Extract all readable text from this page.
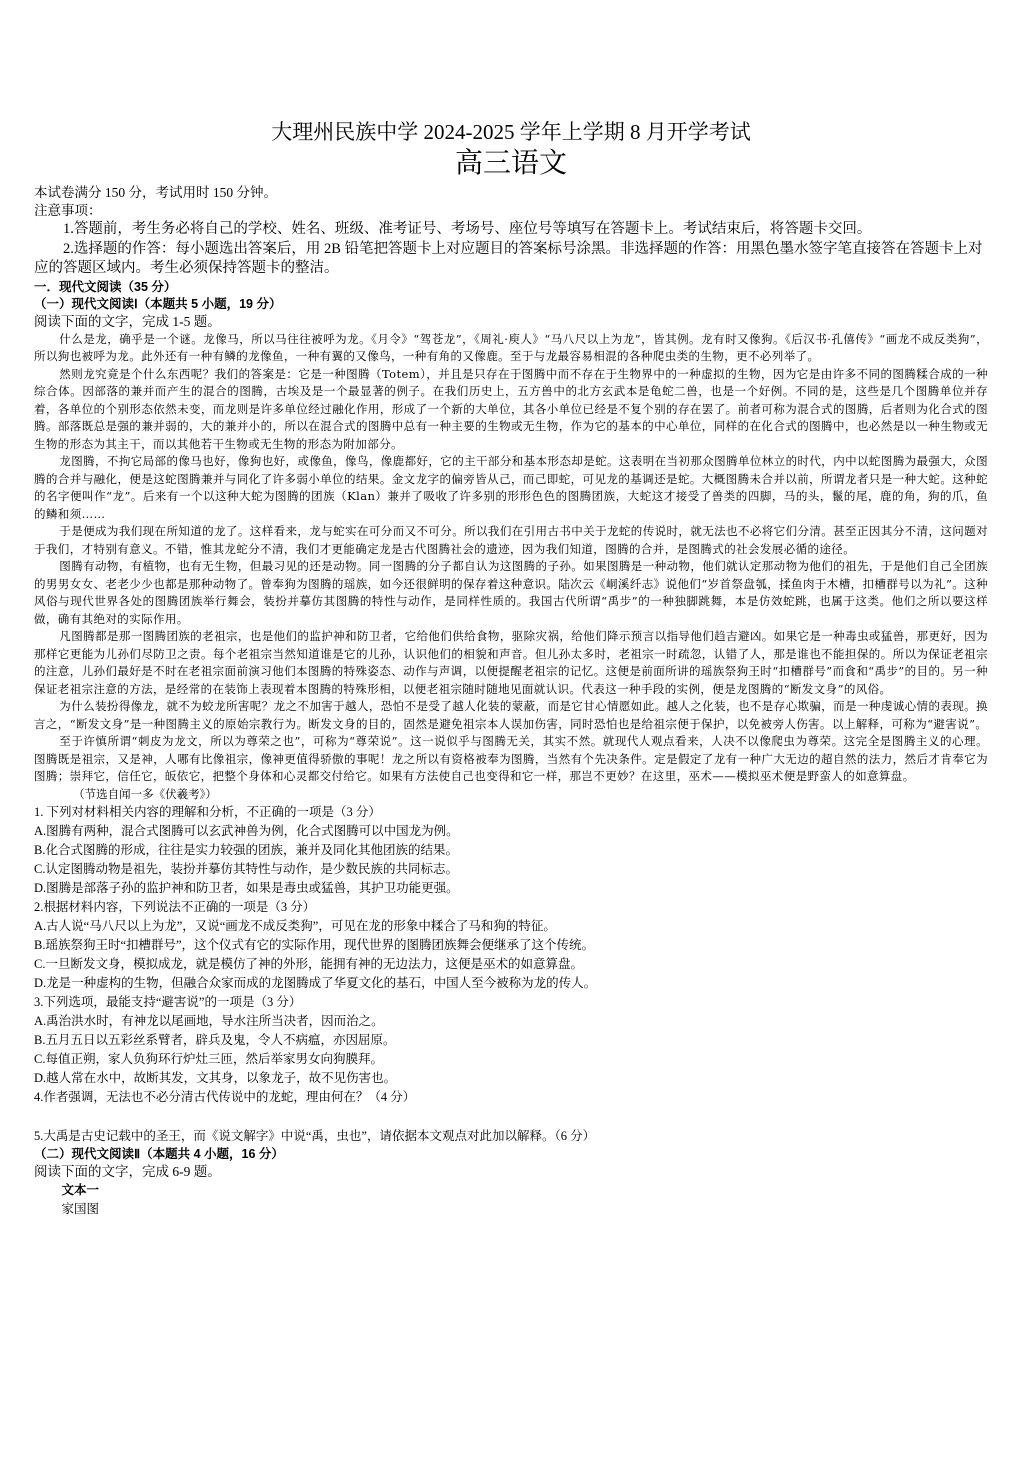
大理州民族中学 2024-2025 学年上学期 8 月开学考试
高三语文
本试卷满分 150 分，考试用时 150 分钟。
注意事项：
1.答题前，考生务必将自己的学校、姓名、班级、准考证号、考场号、座位号等填写在答题卡上。考试结束后，将答题卡交回。
2.选择题的作答：每小题选出答案后，用 2B 铅笔把答题卡上对应题目的答案标号涂黑。非选择题的作答：用黑色墨水签字笔直接答在答题卡上对应的答题区域内。考生必须保持答题卡的整洁。
一．现代文阅读（35 分）
（一）现代文阅读Ⅰ（本题共 5 小题，19 分）
阅读下面的文字，完成 1-5 题。
什么是龙，确乎是一个谜。龙像马，所以马往往被呼为龙。《月令》“驾苍龙”，《周礼·庾人》“马八尺以上为龙”，皆其例。龙有时又像狗。《后汉书·孔僖传》“画龙不成反类狗”，所以狗也被呼为龙。此外还有一种有鳞的龙像鱼，一种有翼的又像鸟，一种有角的又像鹿。至于与龙最容易相混的各种爬虫类的生物，更不必列举了。
然则龙究竟是个什么东西呢？我们的答案是：它是一种图腾（Totem），并且是只存在于图腾中而不存在于生物界中的一种虚拟的生物，因为它是由许多不同的图腾糅合成的一种综合体。因部落的兼并而产生的混合的图腾，古埃及是一个最显著的例子。在我们历史上，五方兽中的北方玄武本是龟蛇二兽，也是一个好例。不同的是，这些是几个图腾单位并存着，各单位的个别形态依然未变，而龙则是许多单位经过融化作用，形成了一个新的大单位，其各小单位已经是不复个别的存在罢了。前者可称为混合式的图腾，后者则为化合式的图腾。部落既总是强的兼并弱的，大的兼并小的，所以在混合式的图腾中总有一种主要的生物或无生物，作为它的基本的中心单位，同样的在化合式的图腾中，也必然是以一种生物或无生物的形态为其主干，而以其他若干生物或无生物的形态为附加部分。
龙图腾，不拘它局部的像马也好，像狗也好，或像鱼，像鸟，像鹿都好，它的主干部分和基本形态却是蛇。这表明在当初那众图腾单位林立的时代，内中以蛇图腾为最强大，众图腾的合并与融化，便是这蛇图腾兼并与同化了许多弱小单位的结果。金文龙字的偏旁皆从己，而己即蛇，可见龙的基调还是蛇。大概图腾未合并以前，所谓龙者只是一种大蛇。这种蛇的名字便叫作“龙”。后来有一个以这种大蛇为图腾的团族（Klan）兼并了吸收了许多别的形形色色的图腾团族，大蛇这才接受了兽类的四脚，马的头，鬣的尾，鹿的角，狗的爪，鱼的鳞和须……
于是便成为我们现在所知道的龙了。这样看来，龙与蛇实在可分而又不可分。所以我们在引用古书中关于龙蛇的传说时，就无法也不必将它们分清。甚至正因其分不清，这问题对于我们，才特别有意义。不错，惟其龙蛇分不清，我们才更能确定龙是古代图腾社会的遗迹，因为我们知道，图腾的合并，是图腾式的社会发展必循的途径。
图腾有动物，有植物，也有无生物，但最习见的还是动物。同一图腾的分子都自认为这图腾的子孙。如果图腾是一种动物，他们就认定那动物为他们的祖先，于是他们自己全团族的男男女女、老老少少也都是那种动物了。曾奉狗为图腾的瑶族，如今还很鲜明的保存着这种意识。陆次云《峒溪纤志》说他们“岁首祭盘瓠，揉鱼肉于木槽，扣槽群号以为礼”。这种风俗与现代世界各处的图腾团族举行舞会，装扮并摹仿其图腾的特性与动作，是同样性质的。我国古代所谓“禹步”的一种独脚跳舞，本是仿效蛇跳，也属于这类。他们之所以要这样做，确有其绝对的实际作用。
凡图腾都是那一图腾团族的老祖宗，也是他们的监护神和防卫者，它给他们供给食物，驱除灾祸，给他们降示预言以指导他们趋吉避凶。如果它是一种毒虫或猛兽，那更好，因为那样它更能为儿孙们尽防卫之责。每个老祖宗当然知道谁是它的儿孙，认识他们的相貌和声音。但儿孙太多时，老祖宗一时疏忽，认错了人，那是谁也不能担保的。所以为保证老祖宗的注意，儿孙们最好是不时在老祖宗面前演习他们本图腾的特殊姿态、动作与声调，以便提醒老祖宗的记忆。这便是前面所讲的瑶族祭狗王时“扣槽群号”而食和“禹步”的目的。另一种保证老祖宗注意的方法，是经常的在装饰上表现着本图腾的特殊形相，以便老祖宗随时随地见面就认识。代表这一种手段的实例，便是龙图腾的“断发文身”的风俗。
为什么装扮得像龙，就不为蛟龙所害呢？龙之不加害于越人，恐怕不是受了越人化装的蒙蔽，而是它甘心情愿如此。越人之化装，也不是存心欺骗，而是一种虔诚心情的表现。换言之，“断发文身”是一种图腾主义的原始宗教行为。断发文身的目的，固然是避免祖宗本人误加伤害，同时恐怕也是给祖宗便于保护，以免被旁人伤害。以上解释，可称为“避害说”。
至于许慎所谓“刺皮为龙文，所以为尊荣之也”，可称为“尊荣说”。这一说似乎与图腾无关，其实不然。就现代人观点看来，人决不以像爬虫为尊荣。这完全是图腾主义的心理。图腾既是祖宗，又是神，人哪有比像祖宗，像神更值得骄傲的事呢！龙之所以有资格被奉为图腾，当然有个先决条件。定是假定了龙有一种广大无边的超自然的法力，然后才肯奉它为图腾；崇拜它，信任它，皈依它，把整个身体和心灵都交付给它。如果有方法使自己也变得和它一样，那岂不更妙？在这里，巫术——模拟巫术便是野蛮人的如意算盘。
（节选自闻一多《伏羲考》）
1. 下列对材料相关内容的理解和分析，不正确的一项是（3 分）
A.图腾有两种，混合式图腾可以玄武神兽为例，化合式图腾可以中国龙为例。
B.化合式图腾的形成，往往是实力较强的团族，兼并及同化其他团族的结果。
C.认定图腾动物是祖先，装扮并摹仿其特性与动作，是少数民族的共同标志。
D.图腾是部落子孙的监护神和防卫者，如果是毒虫或猛兽，其护卫功能更强。
2.根据材料内容，下列说法不正确的一项是（3 分）
A.古人说“马八尺以上为龙”，又说“画龙不成反类狗”，可见在龙的形象中糅合了马和狗的特征。
B.瑶族祭狗王时“扣槽群号”，这个仪式有它的实际作用，现代世界的图腾团族舞会便继承了这个传统。
C.一旦断发文身，模拟成龙，就是模仿了神的外形，能拥有神的无边法力，这便是巫术的如意算盘。
D.龙是一种虚构的生物，但融合众家而成的龙图腾成了华夏文化的基石，中国人至今被称为龙的传人。
3.下列选项，最能支持“避害说”的一项是（3 分）
A.禹治洪水时，有神龙以尾画地，导水注所当决者，因而治之。
B.五月五日以五彩丝系臂者，辟兵及鬼，令人不病瘟，亦因屈原。
C.每值正朔，家人负狗环行炉灶三匝，然后举家男女向狗膜拜。
D.越人常在水中，故断其发，文其身，以象龙子，故不见伤害也。
4.作者强调，无法也不必分清古代传说中的龙蛇，理由何在？（4 分）
5.大禹是古史记载中的圣王，而《说文解字》中说“禹，虫也”，请依据本文观点对此加以解释。（6 分）
（二）现代文阅读Ⅱ（本题共 4 小题，16 分）
阅读下面的文字，完成 6-9 题。
文本一
家国图
